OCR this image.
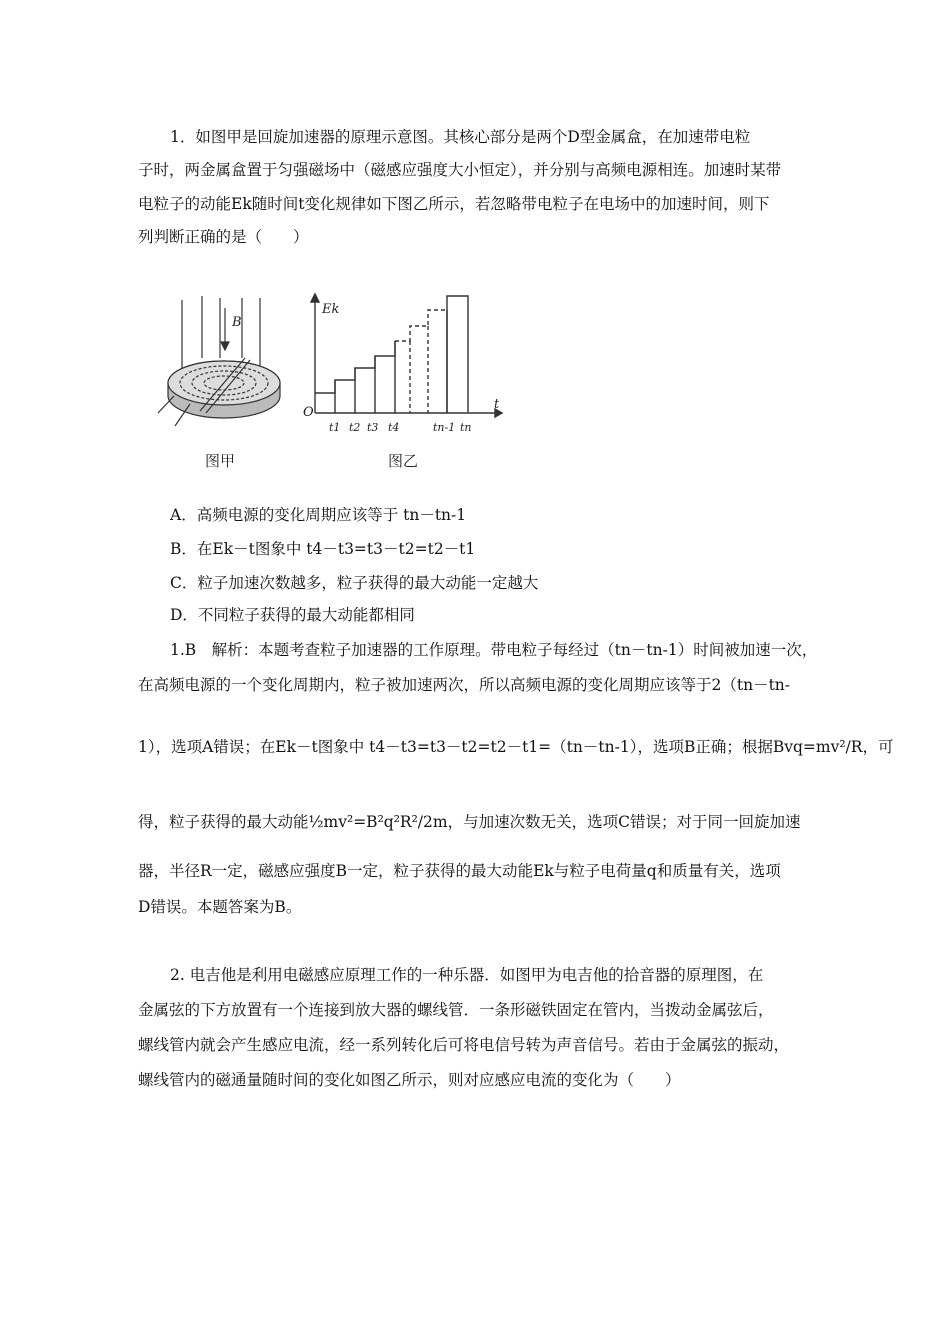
1．如图甲是回旋加速器的原理示意图。其核心部分是两个D型金属盒，在加速带电粒
子时，两金属盒置于匀强磁场中（磁感应强度大小恒定），并分别与高频电源相连。加速时某带
电粒子的动能Ek随时间t变化规律如下图乙所示，若忽略带电粒子在电场中的加速时间，则下
列判断正确的是（　　）
B
图甲
Ek
t
O
t1 t2 t3 t4	tn-1 tn
图乙
A．高频电源的变化周期应该等于 tn－tn-1
B．在Ek－t图象中 t4－t3=t3－t2=t2－t1
C．粒子加速次数越多，粒子获得的最大动能一定越大
D．不同粒子获得的最大动能都相同
1.B　解析：本题考查粒子加速器的工作原理。带电粒子每经过（tn－tn-1）时间被加速一次，
在高频电源的一个变化周期内，粒子被加速两次，所以高频电源的变化周期应该等于2（tn－tn-
1），选项A错误；在Ek－t图象中 t4－t3=t3－t2=t2－t1=（tn－tn-1），选项B正确；根据Bvq=mv²/R，可
得，粒子获得的最大动能½mv²=B²q²R²/2m，与加速次数无关，选项C错误；对于同一回旋加速
器，半径R一定，磁感应强度B一定，粒子获得的最大动能Ek与粒子电荷量q和质量有关，选项
D错误。本题答案为B。
2. 电吉他是利用电磁感应原理工作的一种乐器．如图甲为电吉他的拾音器的原理图，在
金属弦的下方放置有一个连接到放大器的螺线管．一条形磁铁固定在管内，当拨动金属弦后，
螺线管内就会产生感应电流，经一系列转化后可将电信号转为声音信号。若由于金属弦的振动，
螺线管内的磁通量随时间的变化如图乙所示，则对应感应电流的变化为（　　）
